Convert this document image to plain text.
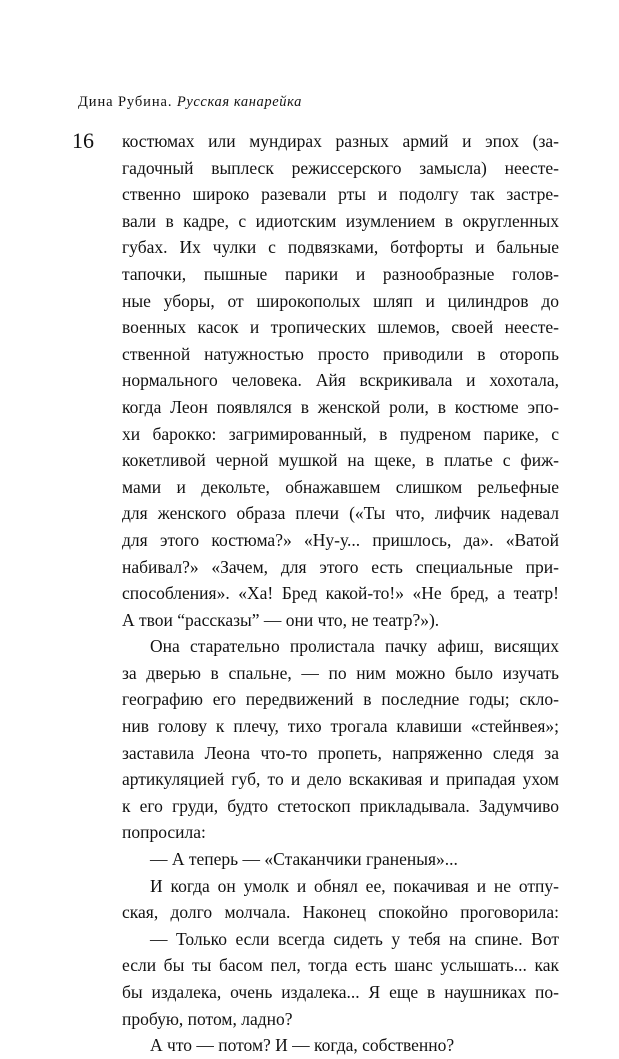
Дина Рубина. Русская канарейка
16 костюмах или мундирах разных армий и эпох (за-
гадочный выплеск режиссерского замысла) неесте-
ственно широко разевали рты и подолгу так застре-
вали в кадре, с идиотским изумлением в округленных
губах. Их чулки с подвязками, ботфорты и бальные
тапочки, пышные парики и разнообразные голов-
ные уборы, от широкополых шляп и цилиндров до
военных касок и тропических шлемов, своей неесте-
ственной натужностью просто приводили в оторопь
нормального человека. Айя вскрикивала и хохотала,
когда Леон появлялся в женской роли, в костюме эпо-
хи барокко: загримированный, в пудреном парике, с
кокетливой черной мушкой на щеке, в платье с фиж-
мами и декольте, обнажавшем слишком рельефные
для женского образа плечи («Ты что, лифчик надевал
для этого костюма?» «Ну-у... пришлось, да». «Ватой
набивал?» «Зачем, для этого есть специальные при-
способления». «Ха! Бред какой-то!» «Не бред, а театр!
А твои “рассказы” — они что, не театр?»).
Она старательно пролистала пачку афиш, висящих
за дверью в спальне, — по ним можно было изучать
географию его передвижений в последние годы; скло-
нив голову к плечу, тихо трогала клавиши «стейнвея»;
заставила Леона что-то пропеть, напряженно следя за
артикуляцией губ, то и дело вскакивая и припадая ухом
к его груди, будто стетоскоп прикладывала. Задумчиво
попросила:
— А теперь — «Стаканчики граненыя»...
И когда он умолк и обнял ее, покачивая и не отпу-
ская, долго молчала. Наконец спокойно проговорила:
— Только если всегда сидеть у тебя на спине. Вот
если бы ты басом пел, тогда есть шанс услышать... как
бы издалека, очень издалека... Я еще в наушниках по-
пробую, потом, ладно?
А что — потом? И — когда, собственно?
